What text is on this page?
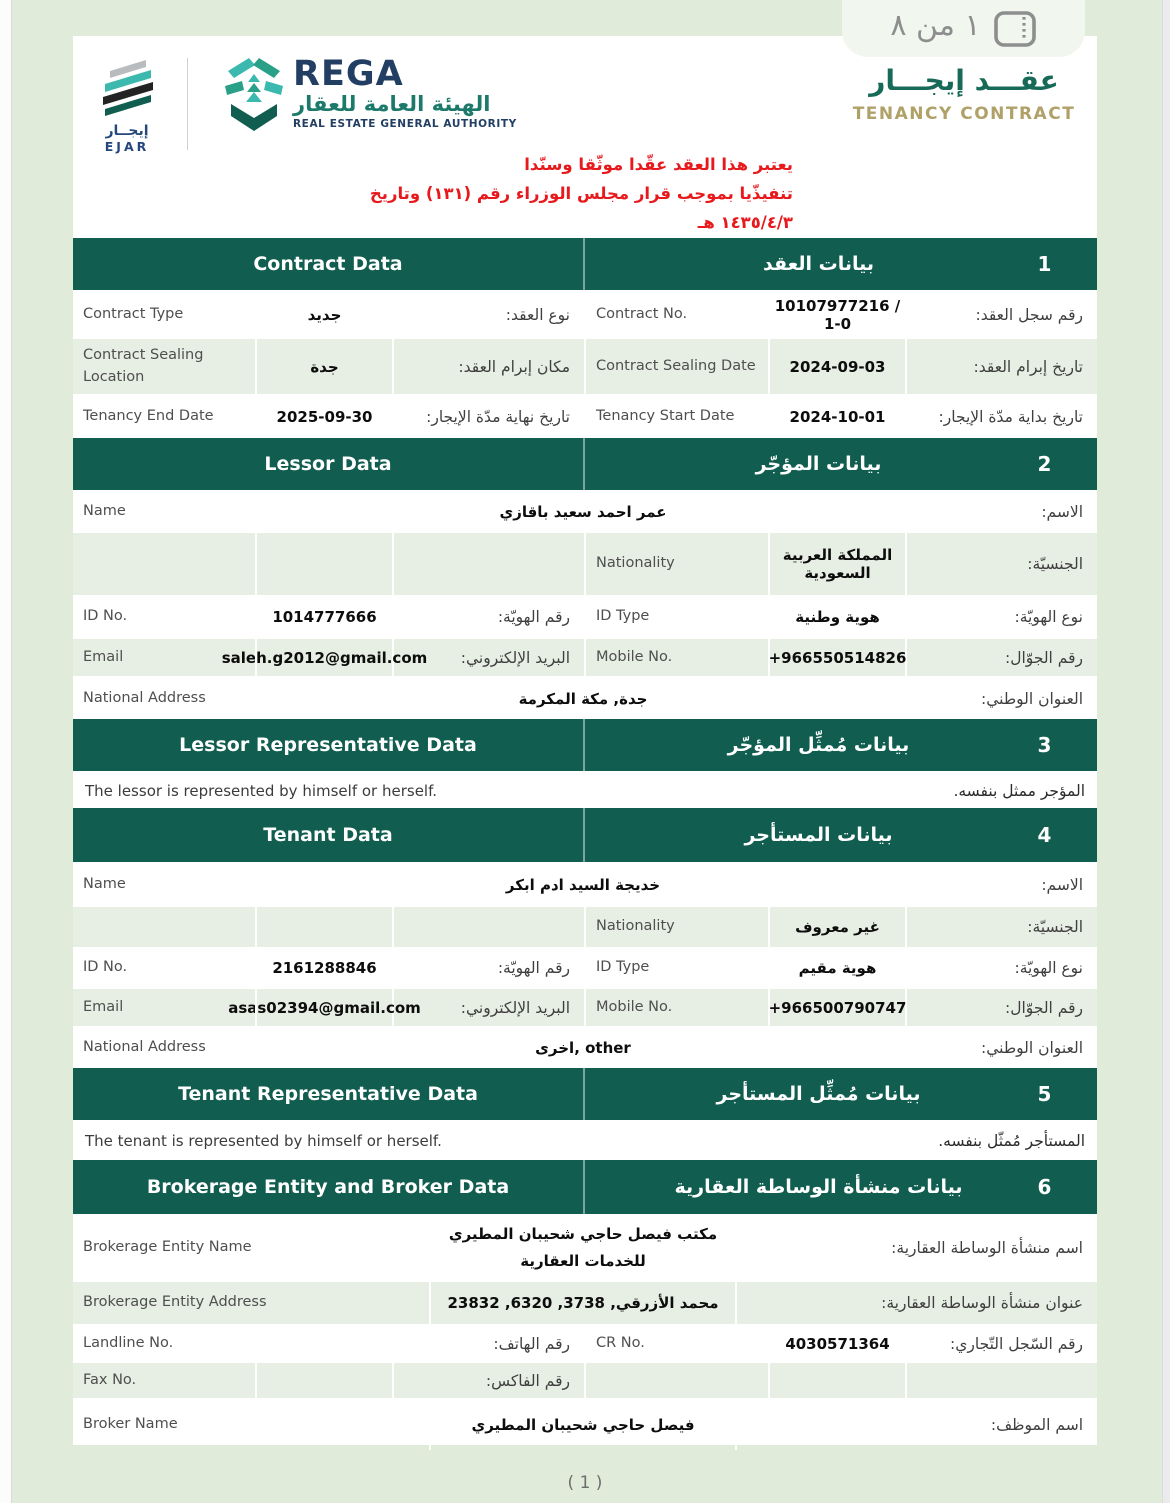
١ من ٨
إيجــار
EJAR
REGA
الهيئة العامة للعقار
REAL ESTATE GENERAL AUTHORITY
عقـــد إيجـــار
TENANCY CONTRACT
يعتبر هذا العقد عقّدا موثّقا وسنّدا
تنفيذّيا بموجب قرار مجلس الوزراء رقم (١٣١) وتاريخ ١٤٣٥/٤/٣ هـ
1
بيانات العقد
Contract Data
رقم سجل العقد:
10107977216 / 1-0
Contract No.
نوع العقد:
جديد
Contract Type
تاريخ إبرام العقد:
2024-09-03
Contract Sealing Date
مكان إبرام العقد:
جدة
Contract Sealing Location
تاريخ بداية مدّة الإيجار:
2024-10-01
Tenancy Start Date
تاريخ نهاية مدّة الإيجار:
2025-09-30
Tenancy End Date
2
بيانات المؤجّر
Lessor Data
الاسم:
عمر احمد سعيد باقازي
Name
الجنسيّة:
المملكة العربية السعودية
Nationality
نوع الهويّة:
هوية وطنية
ID Type
رقم الهويّة:
1014777666
ID No.
رقم الجوّال:
+966550514826
Mobile No.
البريد الإلكتروني:
saleh.g2012@gmail.com
Email
العنوان الوطني:
جدة, مكة المكرمة
National Address
3
بيانات مُمثِّل المؤجّر
Lessor Representative Data
المؤجر ممثل بنفسه.
The lessor is represented by himself or herself.
4
بيانات المستأجر
Tenant Data
الاسم:
خديجة السيد ادم ابكر
Name
الجنسيّة:
غير معروف
Nationality
نوع الهويّة:
هوية مقيم
ID Type
رقم الهويّة:
2161288846
ID No.
رقم الجوّال:
+966500790747
Mobile No.
البريد الإلكتروني:
asas02394@gmail.com
Email
العنوان الوطني:
اخرى, other
National Address
5
بيانات مُمثِّل المستأجر
Tenant Representative Data
المستأجر مُمثّل بنفسه.
The tenant is represented by himself or herself.
6
بيانات منشأة الوساطة العقارية
Brokerage Entity and Broker Data
اسم منشأة الوساطة العقارية:
مكتب فيصل حاجي شحيبان المطيري للخدمات العقارية
Brokerage Entity Name
عنوان منشأة الوساطة العقارية:
محمد الأزرقي, 3738, 6320, 23832
Brokerage Entity Address
رقم السّجل التّجاري:
4030571364
CR No.
رقم الهاتف:
Landline No.
رقم الفاكس:
Fax No.
اسم الموظف:
فيصل حاجي شحيبان المطيري
Broker Name
( 1 )
